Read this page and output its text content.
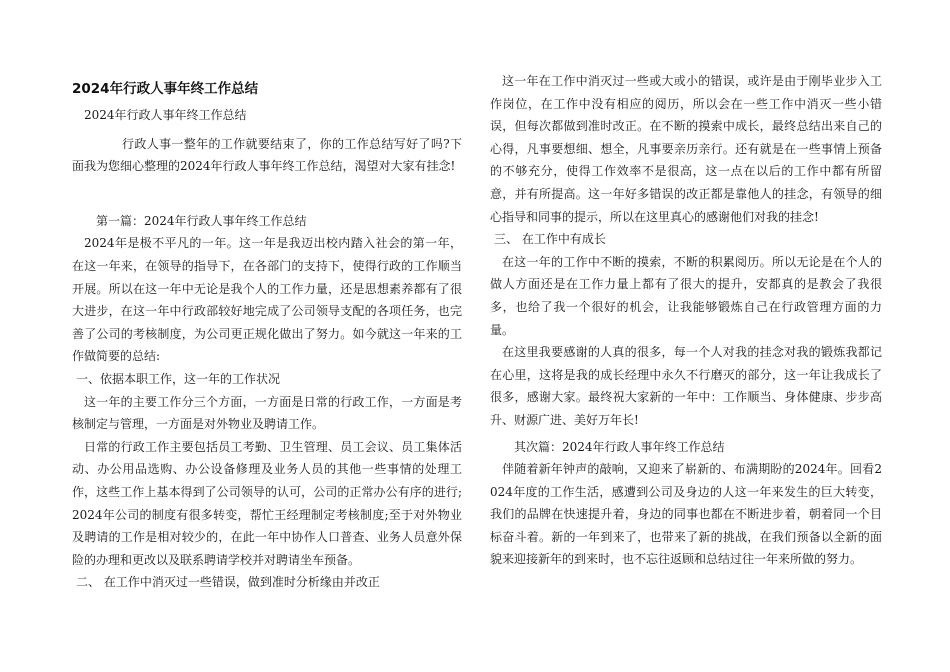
2024年行政人事年终工作总结

2024年行政人事年终工作总结

行政人事一整年的工作就要结束了，你的工作总结写好了吗?下面我为您细心整理的2024年行政人事年终工作总结，渴望对大家有挂念!

第一篇：2024年行政人事年终工作总结

2024年是极不平凡的一年。这一年是我迈出校内踏入社会的第一年，在这一年来，在领导的指导下，在各部门的支持下，使得行政的工作顺当开展。所以在这一年中无论是我个人的工作力量，还是思想素养都有了很大进步，在这一年中行政部较好地完成了公司领导支配的各项任务，也完善了公司的考核制度，为公司更正规化做出了努力。如今就这一年来的工作做简要的总结:

一、依据本职工作，这一年的工作状况

这一年的主要工作分三个方面，一方面是日常的行政工作，一方面是考核制定与管理，一方面是对外物业及聘请工作。

日常的行政工作主要包括员工考勤、卫生管理、员工会议、员工集体活动、办公用品选购、办公设备修理及业务人员的其他一些事情的处理工作，这些工作上基本得到了公司领导的认可，公司的正常办公有序的进行;2024年公司的制度有很多转变，帮忙王经理制定考核制度;至于对外物业及聘请的工作是相对较少的，在此一年中协作人口普查、业务人员意外保险的办理和更改以及联系聘请学校并对聘请坐车预备。

二、 在工作中消灭过一些错误，做到准时分析缘由并改正

这一年在工作中消灭过一些或大或小的错误，或许是由于刚毕业步入工作岗位，在工作中没有相应的阅历，所以会在一些工作中消灭一些小错误，但每次都做到准时改正。在不断的摸索中成长，最终总结出来自己的心得，凡事要想细、想全，凡事要亲历亲行。还有就是在一些事情上预备的不够充分，使得工作效率不是很高，这一点在以后的工作中都有所留意，并有所提高。这一年好多错误的改正都是靠他人的挂念，有领导的细心指导和同事的提示，所以在这里真心的感谢他们对我的挂念!

三、 在工作中有成长

在这一年的工作中不断的摸索，不断的积累阅历。所以无论是在个人的做人方面还是在工作力量上都有了很大的提升，安都真的是教会了我很多，也给了我一个很好的机会，让我能够锻炼自己在行政管理方面的力量。

在这里我要感谢的人真的很多，每一个人对我的挂念对我的锻炼我都记在心里，这将是我的成长经理中永久不行磨灭的部分，这一年让我成长了很多，感谢大家。最终祝大家新的一年中：工作顺当、身体健康、步步高升、财源广进、美好万年长!

其次篇：2024年行政人事年终工作总结

伴随着新年钟声的敲响，又迎来了崭新的、布满期盼的2024年。回看2024年度的工作生活，感遭到公司及身边的人这一年来发生的巨大转变，我们的品牌在快速提升着，身边的同事也都在不断进步着，朝着同一个目标奋斗着。新的一年到来了，也带来了新的挑战，在我们预备以全新的面貌来迎接新年的到来时，也不忘往返顾和总结过往一年来所做的努力。
